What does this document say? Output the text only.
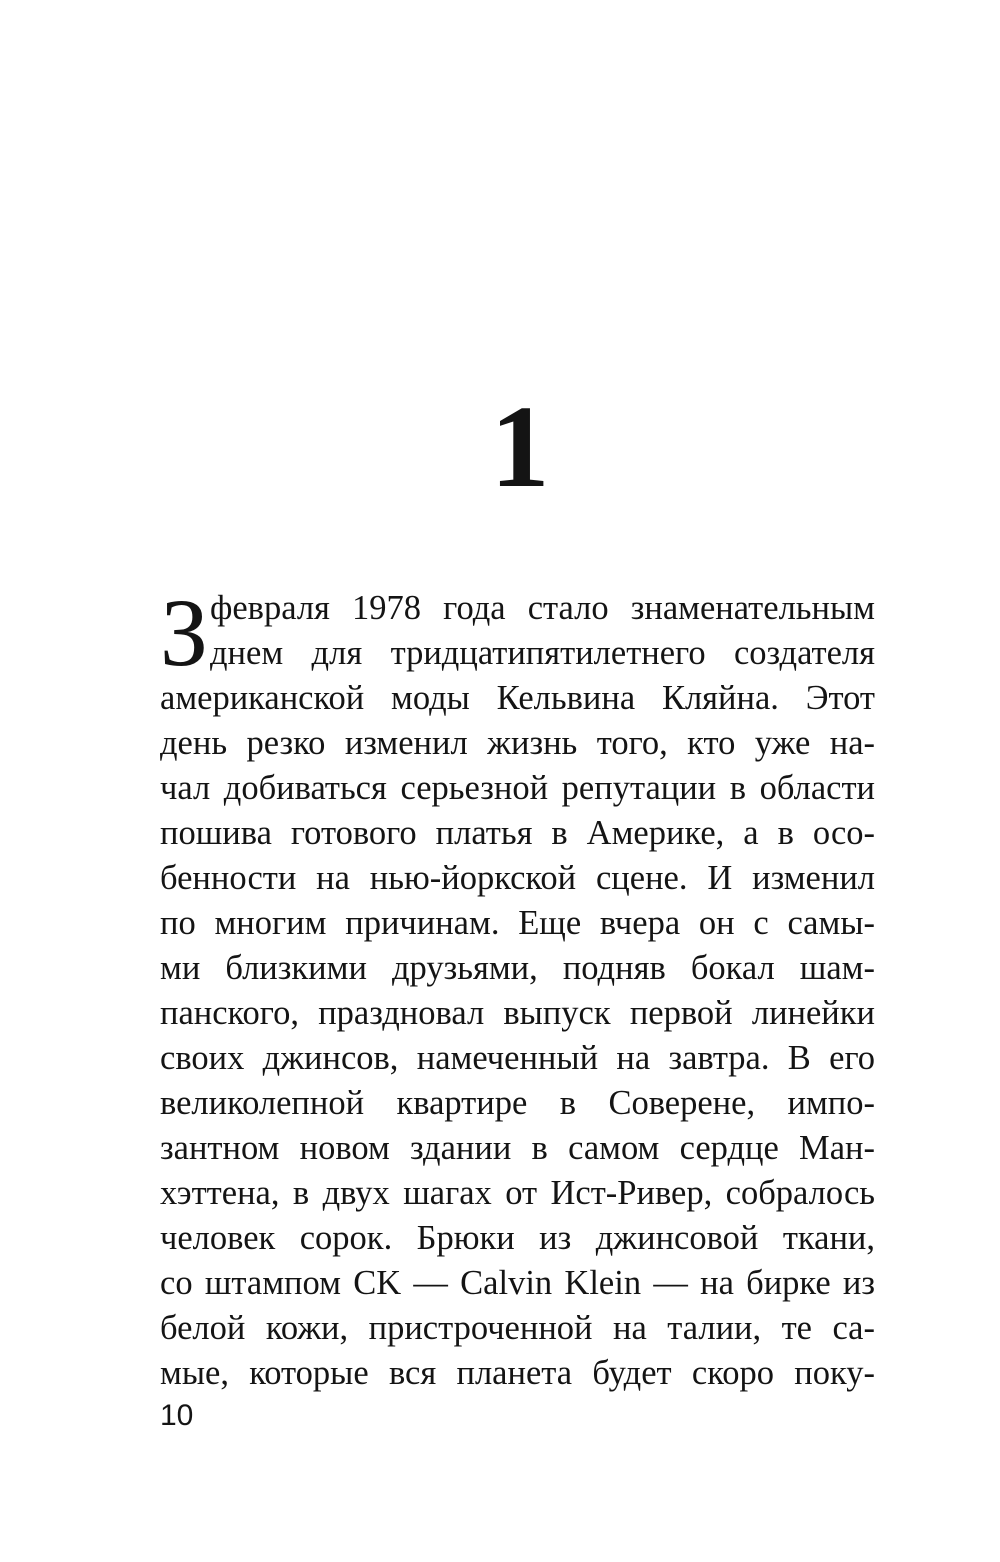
1
З февраля 1978 года стало знаменательным
днем для тридцатипятилетнего создателя
американской моды Кельвина Кляйна. Этот
день резко изменил жизнь того, кто уже на-
чал добиваться серьезной репутации в области
пошива готового платья в Америке, а в осо-
бенности на нью-йоркской сцене. И изменил
по многим причинам. Еще вчера он с самы-
ми близкими друзьями, подняв бокал шам-
панского, праздновал выпуск первой линейки
своих джинсов, намеченный на завтра. В его
великолепной квартире в Соверене, импо-
зантном новом здании в самом сердце Ман-
хэттена, в двух шагах от Ист-Ривер, собралось
человек сорок. Брюки из джинсовой ткани,
со штампом CK — Calvin Klein — на бирке из
белой кожи, пристроченной на талии, те са-
мые, которые вся планета будет скоро поку-
10
